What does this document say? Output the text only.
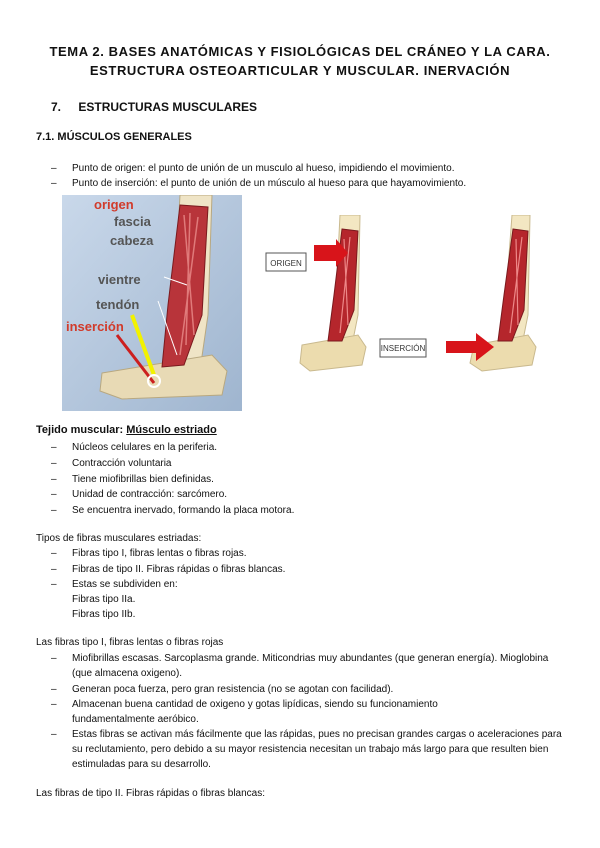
TEMA 2. BASES ANATÓMICAS Y FISIOLÓGICAS DEL CRÁNEO Y LA CARA.
ESTRUCTURA OSTEOARTICULAR Y MUSCULAR. INERVACIÓN
7. ESTRUCTURAS MUSCULARES
7.1. MÚSCULOS GENERALES
– Punto de origen: el punto de unión de un musculo al hueso, impidiendo el movimiento.
– Punto de inserción: el punto de unión de un músculo al hueso para que hayamovimiento.
origen
fascia
cabeza
vientre
tendón
inserción
ORIGEN
INSERCIÓN
Tejido muscular: Músculo estriado
– Núcleos celulares en la periferia.
– Contracción voluntaria
– Tiene miofibrillas bien definidas.
– Unidad de contracción: sarcómero.
– Se encuentra inervado, formando la placa motora.
Tipos de fibras musculares estriadas:
– Fibras tipo I, fibras lentas o fibras rojas.
– Fibras de tipo II. Fibras rápidas o fibras blancas.
– Estas se subdividen en:
Fibras tipo IIa.
Fibras tipo IIb.
Las fibras tipo I, fibras lentas o fibras rojas
– Miofibrillas escasas. Sarcoplasma grande. Miticondrias muy abundantes (que generan energía). Mioglobina (que almacena oxigeno).
– Generan poca fuerza, pero gran resistencia (no se agotan con facilidad).
– Almacenan buena cantidad de oxigeno y gotas lipídicas, siendo su funcionamiento fundamentalmente aeróbico.
– Estas fibras se activan más fácilmente que las rápidas, pues no precisan grandes cargas o aceleraciones para su reclutamiento, pero debido a su mayor resistencia necesitan un trabajo más largo para que resulten bien estimuladas para su desarrollo.
Las fibras de tipo II. Fibras rápidas o fibras blancas:
